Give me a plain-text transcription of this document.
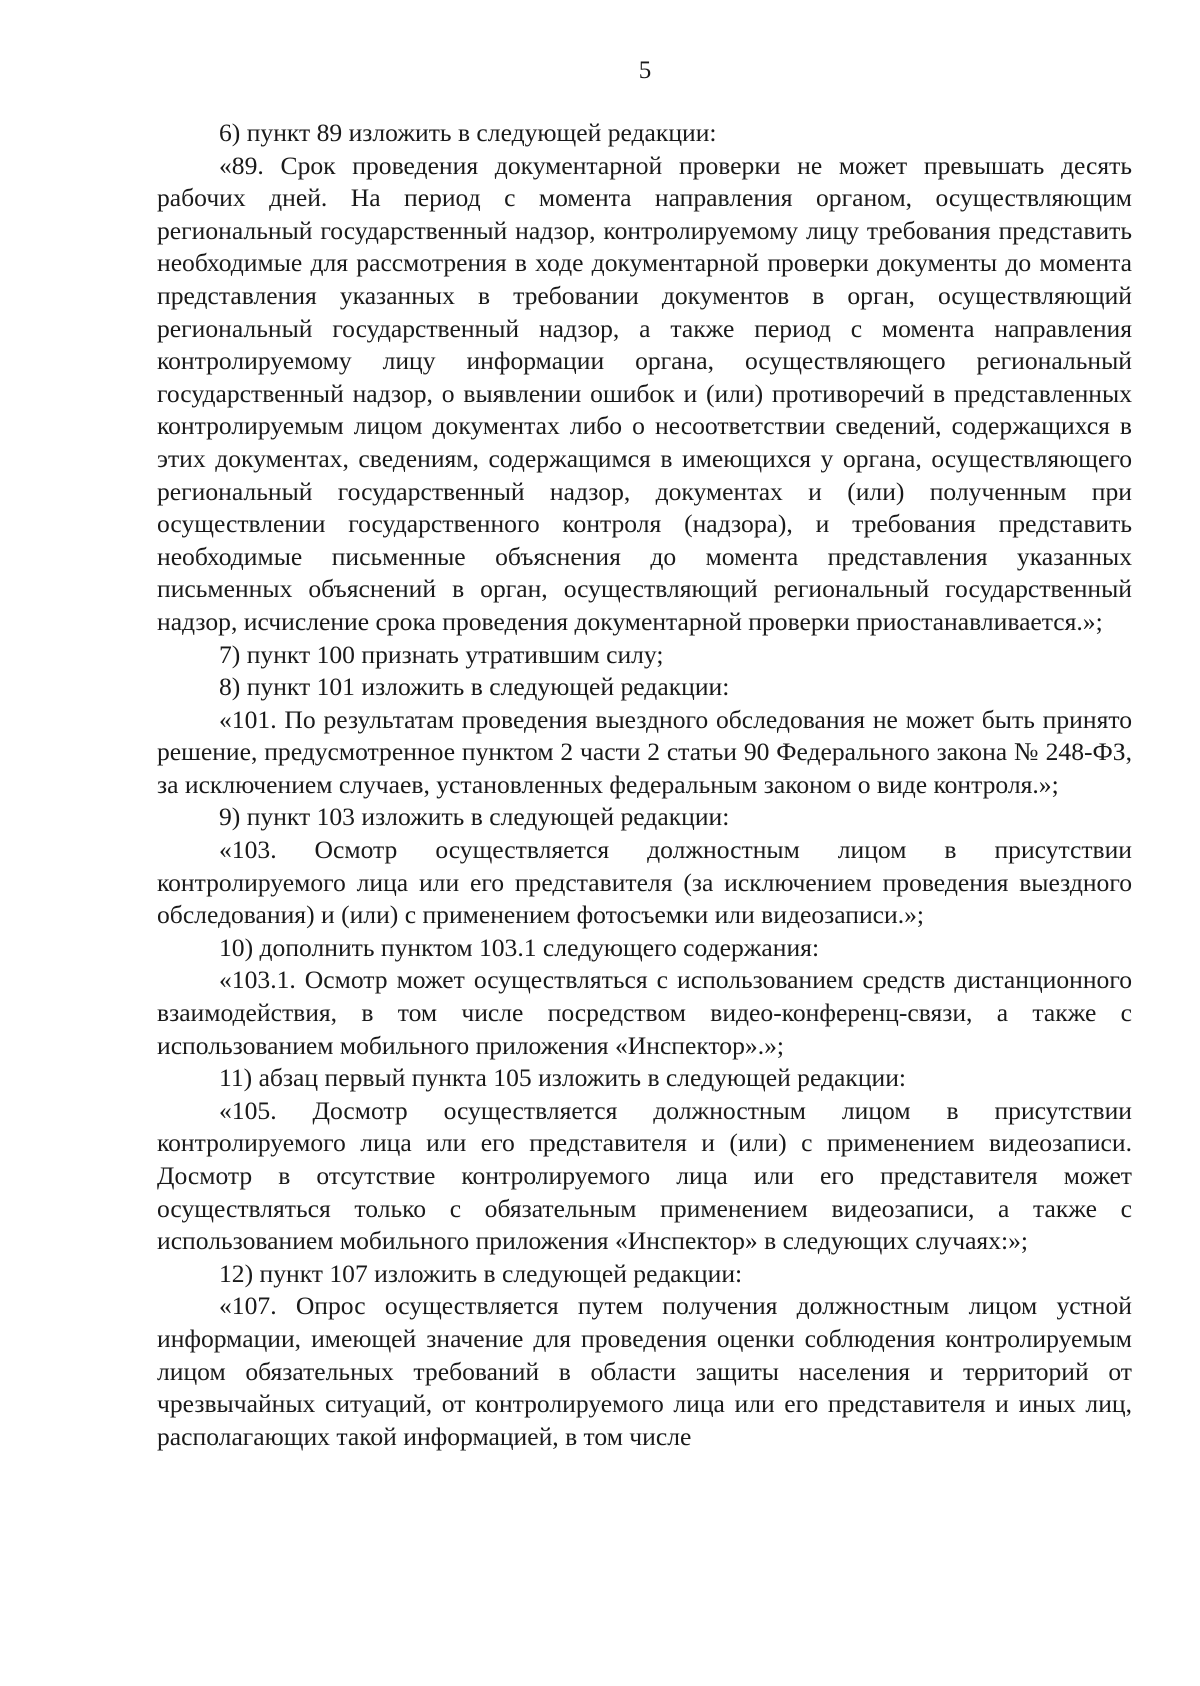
5

6) пункт 89 изложить в следующей редакции:

«89. Срок проведения документарной проверки не может превышать десять рабочих дней. На период с момента направления органом, осуществляющим региональный государственный надзор, контролируемому лицу требования представить необходимые для рассмотрения в ходе документарной проверки документы до момента представления указанных в требовании документов в орган, осуществляющий региональный государственный надзор, а также период с момента направления контролируемому лицу информации органа, осуществляющего региональный государственный надзор, о выявлении ошибок и (или) противоречий в представленных контролируемым лицом документах либо о несоответствии сведений, содержащихся в этих документах, сведениям, содержащимся в имеющихся у органа, осуществляющего региональный государственный надзор, документах и (или) полученным при осуществлении государственного контроля (надзора), и требования представить необходимые письменные объяснения до момента представления указанных письменных объяснений в орган, осуществляющий региональный государственный надзор, исчисление срока проведения документарной проверки приостанавливается.»;

7) пункт 100 признать утратившим силу;

8) пункт 101 изложить в следующей редакции:

«101. По результатам проведения выездного обследования не может быть принято решение, предусмотренное пунктом 2 части 2 статьи 90 Федерального закона № 248-ФЗ, за исключением случаев, установленных федеральным законом о виде контроля.»;

9) пункт 103 изложить в следующей редакции:

«103. Осмотр осуществляется должностным лицом в присутствии контролируемого лица или его представителя (за исключением проведения выездного обследования) и (или) с применением фотосъемки или видеозаписи.»;

10) дополнить пунктом 103.1 следующего содержания:

«103.1. Осмотр может осуществляться с использованием средств дистанционного взаимодействия, в том числе посредством видео-конференц-связи, а также с использованием мобильного приложения «Инспектор».»;

11) абзац первый пункта 105 изложить в следующей редакции:

«105. Досмотр осуществляется должностным лицом в присутствии контролируемого лица или его представителя и (или) с применением видеозаписи. Досмотр в отсутствие контролируемого лица или его представителя может осуществляться только с обязательным применением видеозаписи, а также с использованием мобильного приложения «Инспектор» в следующих случаях:»;

12) пункт 107 изложить в следующей редакции:

«107. Опрос осуществляется путем получения должностным лицом устной информации, имеющей значение для проведения оценки соблюдения контролируемым лицом обязательных требований в области защиты населения и территорий от чрезвычайных ситуаций, от контролируемого лица или его представителя и иных лиц, располагающих такой информацией, в том числе
